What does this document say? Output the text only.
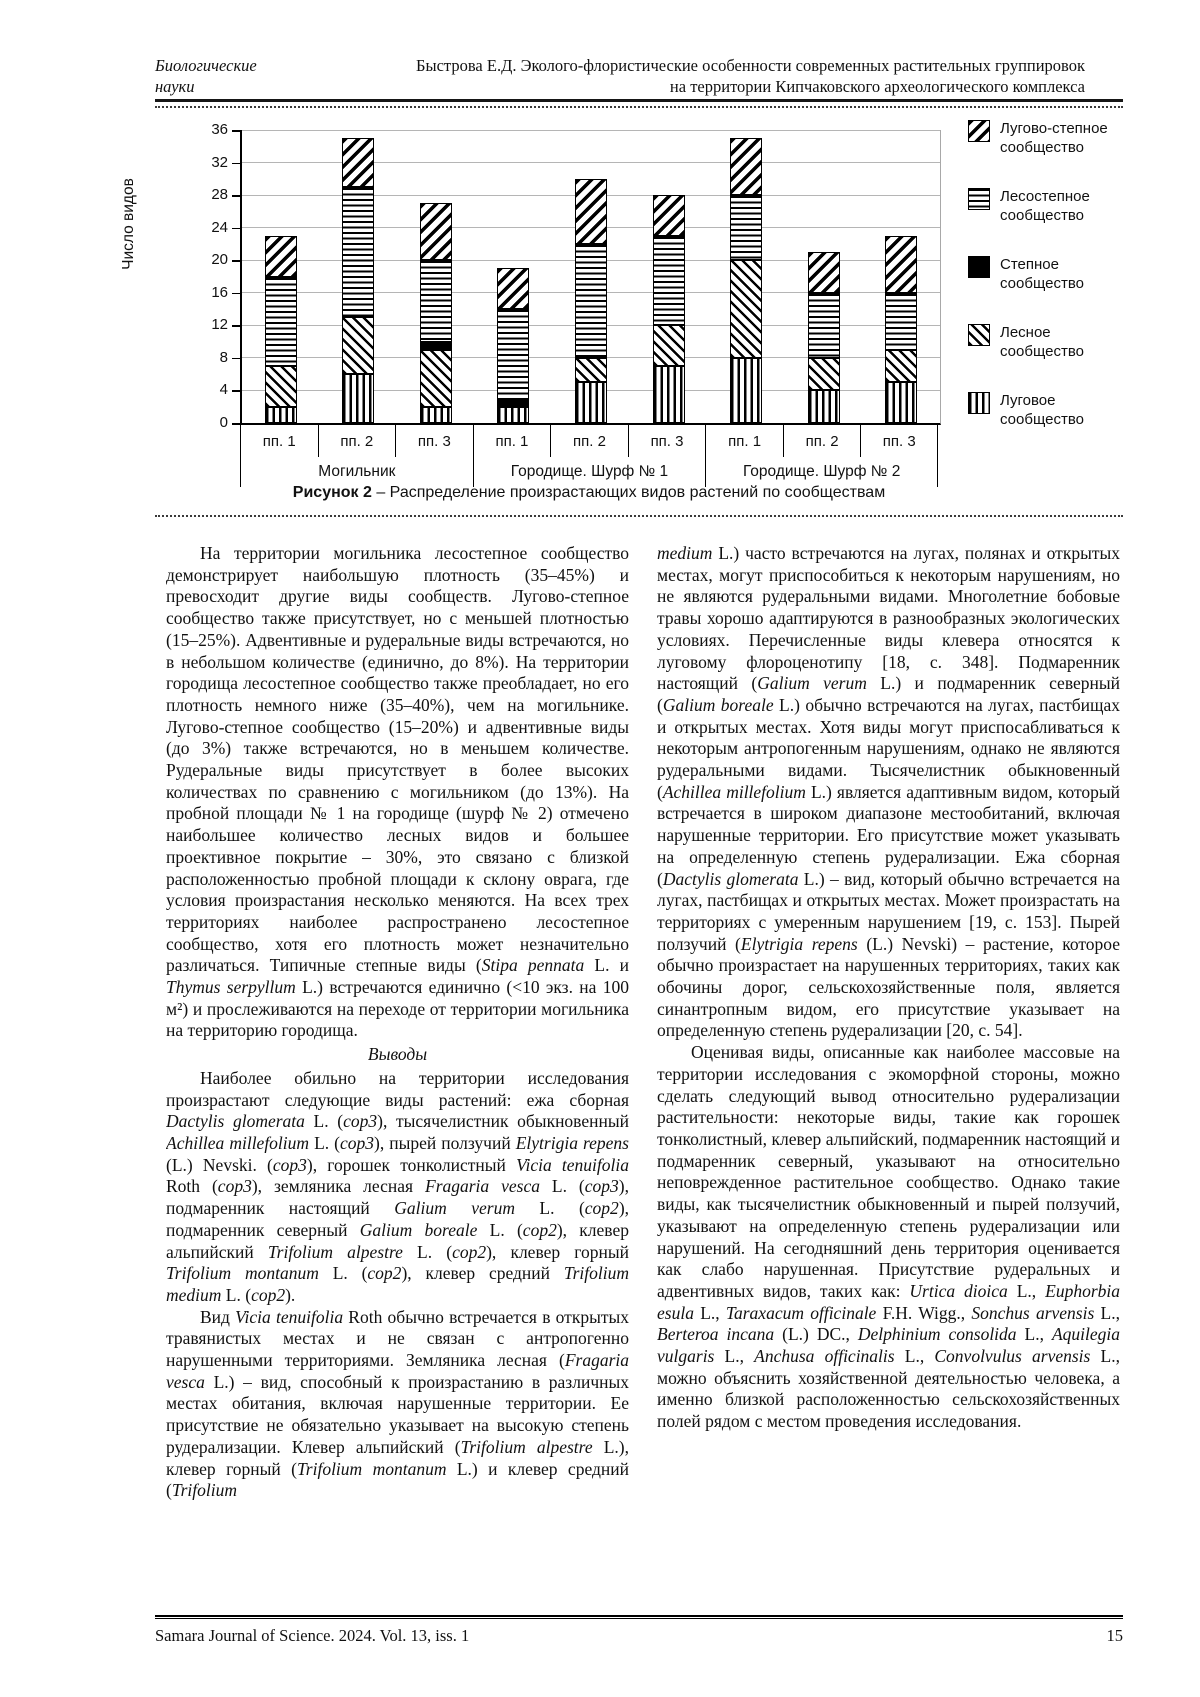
Биологические
науки
Быстрова Е.Д. Эколого-флористические особенности современных растительных группировок
на территории Кипчаковского археологического комплекса
Число видов
0
4
8
12
16
20
24
28
32
36
пп. 1	пп. 2	пп. 3	пп. 1	пп. 2	пп. 3	пп. 1	пп. 2	пп. 3
Могильник	Городище. Шурф № 1	Городище. Шурф № 2
Лугово-степное
сообщество
Лесостепное
сообщество
Степное
сообщество
Лесное
сообщество
Луговое
сообщество
Рисунок 2 – Распределение произрастающих видов растений по сообществам

На территории могильника лесостепное сообщество демонстрирует наибольшую плотность (35–45%) и превосходит другие виды сообществ. Лугово-степное сообщество также присутствует, но с меньшей плотностью (15–25%). Адвентивные и рудеральные виды встречаются, но в небольшом количестве (единично, до 8%). На территории городища лесостепное сообщество также преобладает, но его плотность немного ниже (35–40%), чем на могильнике. Лугово-степное сообщество (15–20%) и адвентивные виды (до 3%) также встречаются, но в меньшем количестве. Рудеральные виды присутствует в более высоких количествах по сравнению с могильником (до 13%). На пробной площади № 1 на городище (шурф № 2) отмечено наибольшее количество лесных видов и большее проективное покрытие – 30%, это связано с близкой расположенностью пробной площади к склону оврага, где условия произрастания несколько меняются. На всех трех территориях наиболее распространено лесостепное сообщество, хотя его плотность может незначительно различаться. Типичные степные виды (Stipa pennata L. и Thymus serpyllum L.) встречаются единично (<10 экз. на 100 м²) и прослеживаются на переходе от территории могильника на территорию городища.

Выводы

Наиболее обильно на территории исследования произрастают следующие виды растений: ежа сборная Dactylis glomerata L. (cop3), тысячелистник обыкновенный Achillea millefolium L. (cop3), пырей ползучий Elytrigia repens (L.) Nevski. (cop3), горошек тонколистный Vicia tenuifolia Roth (cop3), земляника лесная Fragaria vesca L. (cop3), подмаренник настоящий Galium verum L. (cop2), подмаренник северный Galium boreale L. (cop2), клевер альпийский Trifolium alpestre L. (cop2), клевер горный Trifolium montanum L. (cop2), клевер средний Trifolium medium L. (cop2).

Вид Vicia tenuifolia Roth обычно встречается в открытых травянистых местах и не связан с антропогенно нарушенными территориями. Земляника лесная (Fragaria vesca L.) – вид, способный к произрастанию в различных местах обитания, включая нарушенные территории. Ее присутствие не обязательно указывает на высокую степень рудерализации. Клевер альпийский (Trifolium alpestre L.), клевер горный (Trifolium montanum L.) и клевер средний (Trifolium

medium L.) часто встречаются на лугах, полянах и открытых местах, могут приспособиться к некоторым нарушениям, но не являются рудеральными видами. Многолетние бобовые травы хорошо адаптируются в разнообразных экологических условиях. Перечисленные виды клевера относятся к луговому флороценотипу [18, с. 348]. Подмаренник настоящий (Galium verum L.) и подмаренник северный (Galium boreale L.) обычно встречаются на лугах, пастбищах и открытых местах. Хотя виды могут приспосабливаться к некоторым антропогенным нарушениям, однако не являются рудеральными видами. Тысячелистник обыкновенный (Achillea millefolium L.) является адаптивным видом, который встречается в широком диапазоне местообитаний, включая нарушенные территории. Его присутствие может указывать на определенную степень рудерализации. Ежа сборная (Dactylis glomerata L.) – вид, который обычно встречается на лугах, пастбищах и открытых местах. Может произрастать на территориях с умеренным нарушением [19, с. 153]. Пырей ползучий (Elytrigia repens (L.) Nevski) – растение, которое обычно произрастает на нарушенных территориях, таких как обочины дорог, сельскохозяйственные поля, является синантропным видом, его присутствие указывает на определенную степень рудерализации [20, с. 54].

Оценивая виды, описанные как наиболее массовые на территории исследования с экоморфной стороны, можно сделать следующий вывод относительно рудерализации растительности: некоторые виды, такие как горошек тонколистный, клевер альпийский, подмаренник настоящий и подмаренник северный, указывают на относительно неповрежденное растительное сообщество. Однако такие виды, как тысячелистник обыкновенный и пырей ползучий, указывают на определенную степень рудерализации или нарушений. На сегодняшний день территория оценивается как слабо нарушенная. Присутствие рудеральных и адвентивных видов, таких как: Urtica dioica L., Euphorbia esula L., Taraxacum officinale F.H. Wigg., Sonchus arvensis L., Berteroa incana (L.) DC., Delphinium consolida L., Aquilegia vulgaris L., Anchusa officinalis L., Convolvulus arvensis L., можно объяснить хозяйственной деятельностью человека, а именно близкой расположенностью сельскохозяйственных полей рядом с местом проведения исследования.

Samara Journal of Science. 2024. Vol. 13, iss. 1	15
